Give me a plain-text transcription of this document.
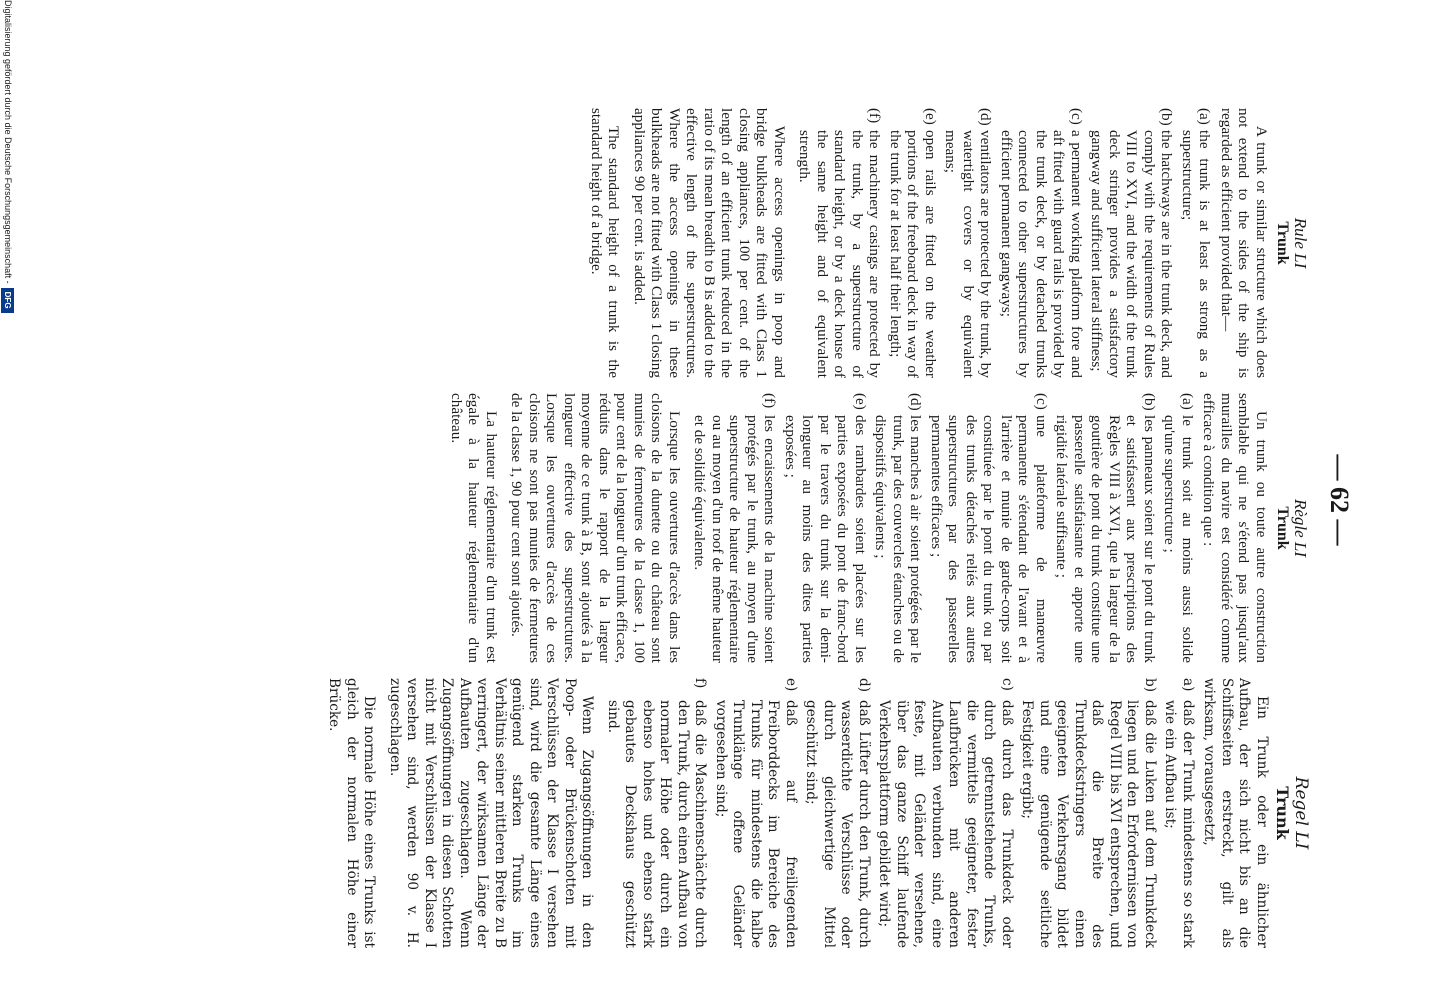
— 62 —

Rule LI

Trunk

A trunk or similar structure which does not extend to the sides of the ship is regarded as efficient provided that—

(a)
the trunk is at least as strong as a superstructure;
(b)
the hatchways are in the trunk deck, and comply with the requirements of Rules VIII to XVI, and the width of the trunk deck stringer provides a satisfactory gangway and sufficient lateral stiffness;
(c)
a permanent working platform fore and aft fitted with guard rails is provided by the trunk deck, or by detached trunks connected to other superstructures by efficient permanent gangways;
(d)
ventilators are protected by the trunk, by watertight covers or by equivalent means;
(e)
open rails are fitted on the weather portions of the freeboard deck in way of the trunk for at least half their length;
(f)
the machinery casings are protected by the trunk, by a superstructure of standard height, or by a deck house of the same height and of equivalent strength.

Where access openings in poop and bridge bulkheads are fitted with Class 1 closing appliances, 100 per cent. of the length of an efficient trunk reduced in the ratio of its mean breadth to B is added to the effective length of the superstructures. Where the access openings in these bulkheads are not fitted with Class 1 closing appliances 90 per cent. is added.

The standard height of a trunk is the standard height of a bridge.

Règle LI

Trunk

Un trunk ou toute autre construction semblable qui ne s'étend pas jusqu'aux murailles du navire est considéré comme efficace à condition que :

(a)
le trunk soit au moins aussi solide qu'une superstructure ;
(b)
les panneaux soient sur le pont du trunk et satisfassent aux prescriptions des Règles VIII à XVI, que la largeur de la gouttière de pont du trunk constitue une passerelle satisfaisante et apporte une rigidité latérale suffisante ;
(c)
une plateforme de manœuvre permanente s'étendant de l'avant et à l'arrière et munie de garde-corps soit constituée par le pont du trunk ou par des trunks détachés reliés aux autres superstructures par des passerelles permanentes efficaces ;
(d)
les manches à air soient protégées par le trunk, par des couvercles étanches ou de dispositifs équivalents ;
(e)
des rambardes soient placées sur les parties exposées du pont de franc-bord par le travers du trunk sur la demi-longueur au moins des dites parties exposées ;
(f)
les encaissements de la machine soient protégés par le trunk, au moyen d'une superstructure de hauteur réglementaire ou au moyen d'un roof de même hauteur et de solidité équivalente.

Lorsque les ouvertures d'accès dans les cloisons de la dunette ou du château sont munies de fermetures de la classe 1, 100 pour cent de la longueur d'un trunk efficace, réduits dans le rapport de la largeur moyenne de ce trunk à B, sont ajoutés à la longueur effective des superstructures. Lorsque les ouvertures d'accès de ces cloisons ne sont pas munies de fermetures de la classe 1, 90 pour cent sont ajoutés.

La hauteur réglementaire d'un trunk est égale à la hauteur réglementaire d'un château.

Regel LI

Trunk

Ein Trunk oder ein ähnlicher Aufbau, der sich nicht bis an die Schiffsseiten erstreckt, gilt als wirksam, vorausgesetzt,

a)
daß der Trunk mindestens so stark wie ein Aufbau ist;
b)
daß die Luken auf dem Trunkdeck liegen und den Erfordernissen von Regel VIII bis XVI entsprechen, und daß die Breite des Trunkdeckstringers einen geeigneten Verkehrsgang bildet und eine genügende seitliche Festigkeit ergibt;
c)
daß durch das Trunkdeck oder durch getrenntstehende Trunks, die vermittels geeigneter, fester Laufbrücken mit anderen Aufbauten verbunden sind, eine feste, mit Geländer versehene, über das ganze Schiff laufende Verkehrsplattform gebildet wird;
d)
daß Lüfter durch den Trunk, durch wasserdichte Verschlüsse oder durch gleichwertige Mittel geschützt sind;
e)
daß auf freiliegenden Freiborddecks im Bereiche des Trunks für mindestens die halbe Trunklänge offene Geländer vorgesehen sind;
f)
daß die Maschinenschächte durch den Trunk, durch einen Aufbau von normaler Höhe oder durch ein ebenso hohes und ebenso stark gebautes Deckshaus geschützt sind.

Wenn Zugangsöffnungen in den Poop- oder Brückenschotten mit Verschlüssen der Klasse I versehen sind, wird die gesamte Länge eines genügend starken Trunks im Verhältnis seiner mittleren Breite zu B verringert, der wirksamen Länge der Aufbauten zugeschlagen. Wenn Zugangsöffnungen in diesen Schotten nicht mit Verschlüssen der Klasse I versehen sind, werden 90 v. H. zugeschlagen.

Die normale Höhe eines Trunks ist gleich der normalen Höhe einer Brücke.

Digitalisierung gefördert durch die Deutsche Forschungsgemeinschaft -
DFG
